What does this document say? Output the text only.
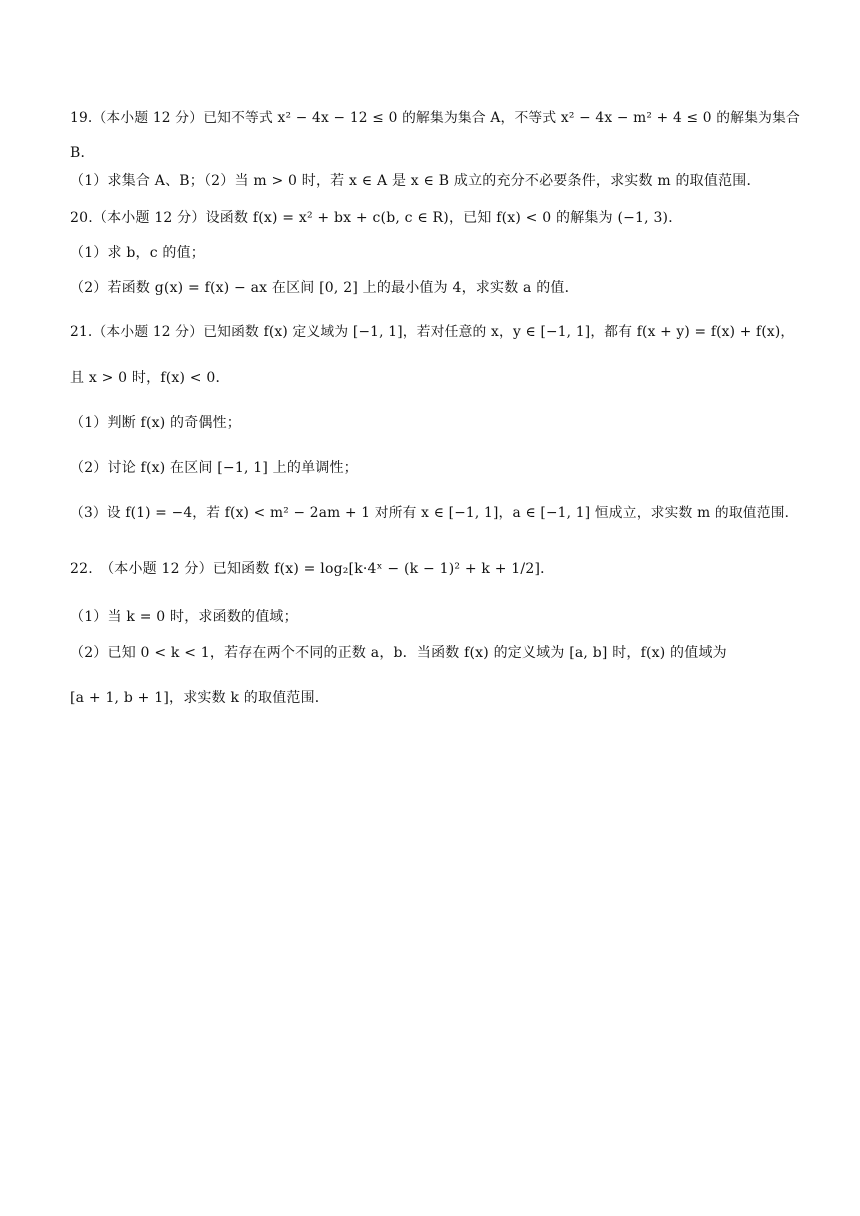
19.（本小题 12 分）已知不等式 x² − 4x − 12 ≤ 0 的解集为集合 A，不等式 x² − 4x − m² + 4 ≤ 0 的解集为集合
B．
（1）求集合 A、B；（2）当 m > 0 时，若 x ∈ A 是 x ∈ B 成立的充分不必要条件，求实数 m 的取值范围．
20.（本小题 12 分）设函数 f(x) = x² + bx + c(b, c ∈ R)，已知 f(x) < 0 的解集为 (−1, 3)．
（1）求 b，c 的值；
（2）若函数 g(x) = f(x) − ax 在区间 [0, 2] 上的最小值为 4，求实数 a 的值．
21.（本小题 12 分）已知函数 f(x) 定义域为 [−1, 1]，若对任意的 x，y ∈ [−1, 1]，都有 f(x + y) = f(x) + f(x)，
且 x > 0 时，f(x) < 0．
（1）判断 f(x) 的奇偶性；
（2）讨论 f(x) 在区间 [−1, 1] 上的单调性；
（3）设 f(1) = −4，若 f(x) < m² − 2am + 1 对所有 x ∈ [−1, 1]，a ∈ [−1, 1] 恒成立，求实数 m 的取值范围．
22.　（本小题 12 分）已知函数 f(x) = log₂[k·4ˣ − (k − 1)² + k + 1/2]．
（1）当 k = 0 时，求函数的值域；
（2）已知 0 < k < 1，若存在两个不同的正数 a，b．当函数 f(x) 的定义域为 [a, b] 时，f(x) 的值域为
[a + 1, b + 1]，求实数 k 的取值范围．
